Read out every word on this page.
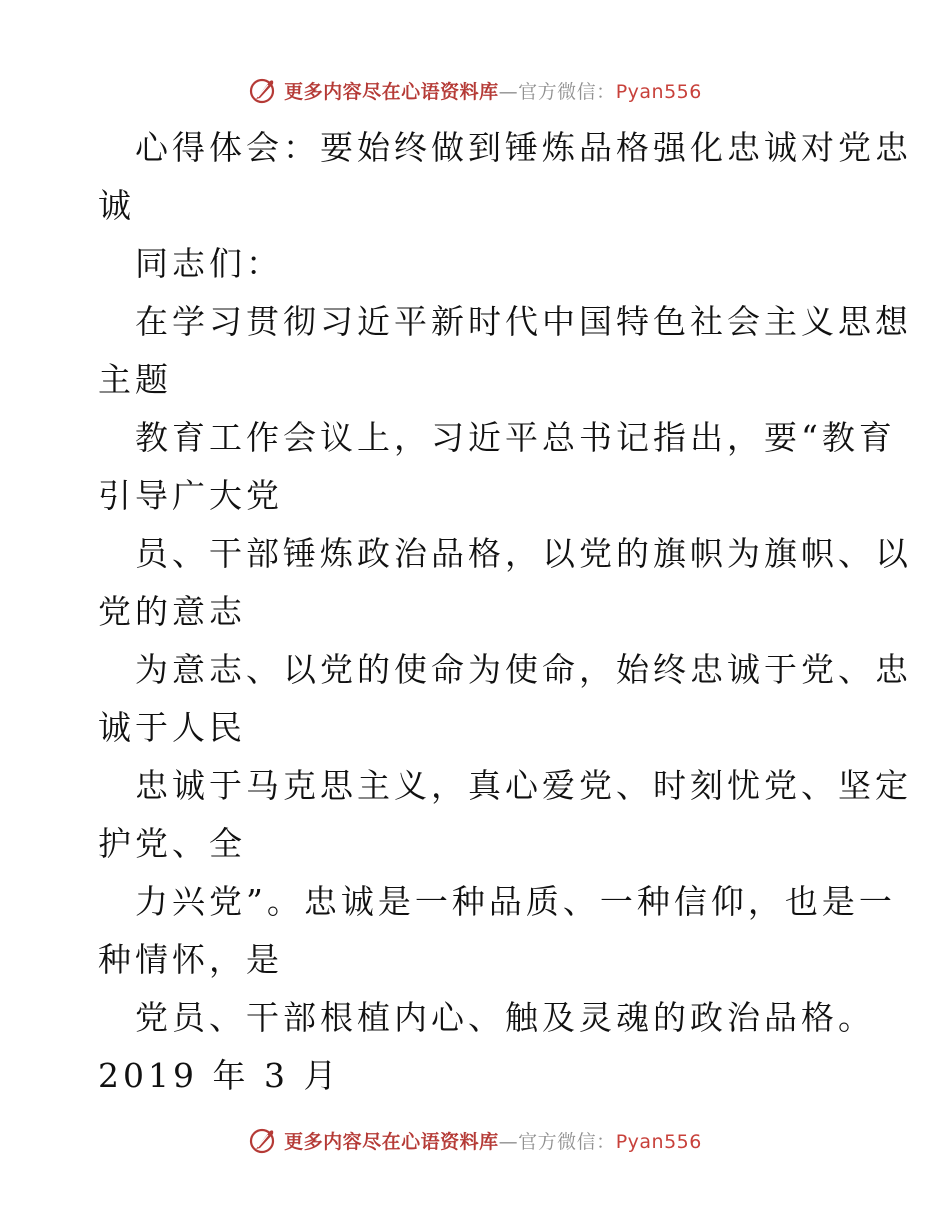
更多内容尽在心语资料库—官方微信：Pyan556
心得体会：要始终做到锤炼品格强化忠诚对党忠
诚
同志们：
在学习贯彻习近平新时代中国特色社会主义思想
主题
教育工作会议上，习近平总书记指出，要“教育
引导广大党
员、干部锤炼政治品格，以党的旗帜为旗帜、以
党的意志
为意志、以党的使命为使命，始终忠诚于党、忠
诚于人民
忠诚于马克思主义，真心爱党、时刻忧党、坚定
护党、全
力兴党”。忠诚是一种品质、一种信仰，也是一
种情怀，是
党员、干部根植内心、触及灵魂的政治品格。
2019 年 3 月
更多内容尽在心语资料库—官方微信：Pyan556
